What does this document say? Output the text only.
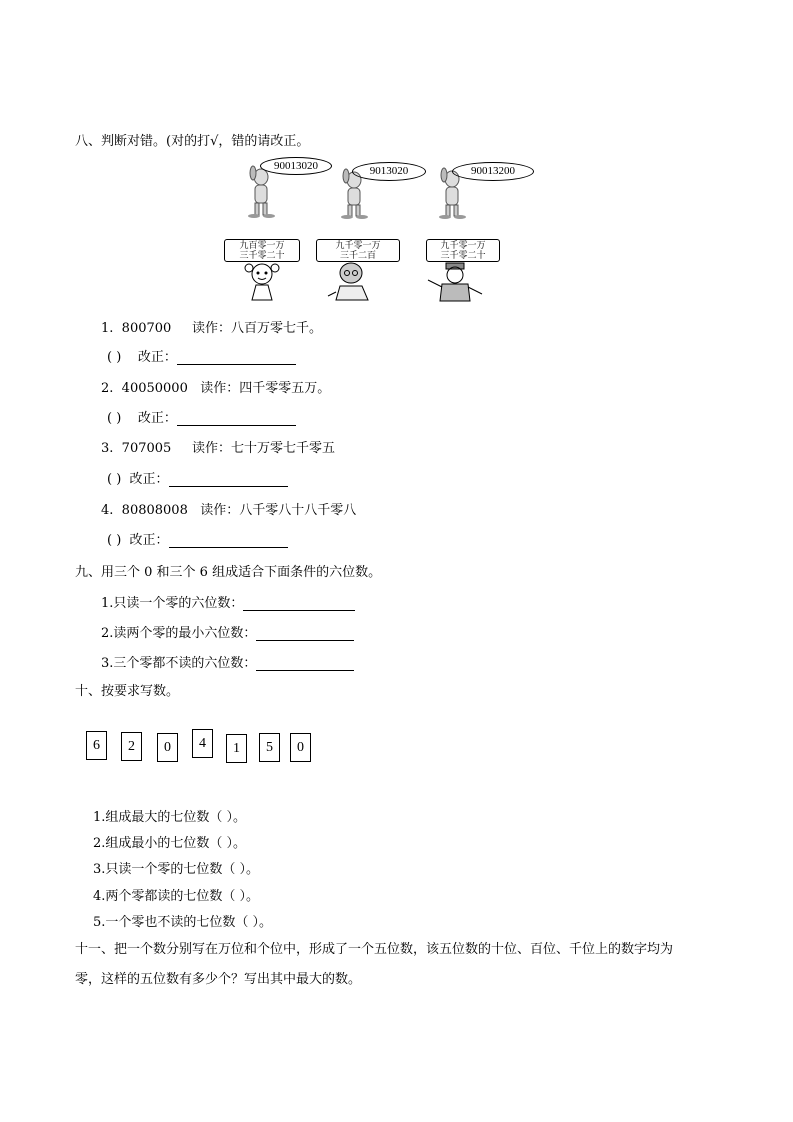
八、判断对错。(对的打√，错的请改正。
90013020	9013020	90013200
九百零一万
三千零二十
九千零一万
三千二百
九千零一万
三千零二十
1. 800700 读作：八百万零七千。
( ) 改正：
2. 40050000 读作：四千零零五万。
( ) 改正：
3. 707005 读作：七十万零七千零五
( ) 改正：
4. 80808008 读作：八千零八十八千零八
( ) 改正：
九、用三个 0 和三个 6 组成适合下面条件的六位数。
1.只读一个零的六位数：
2.读两个零的最小六位数：
3.三个零都不读的六位数：
十、按要求写数。
6	2	0	4	1	5	0
1.组成最大的七位数（ ）。
2.组成最小的七位数（ ）。
3.只读一个零的七位数（ ）。
4.两个零都读的七位数（ ）。
5.一个零也不读的七位数（ ）。
十一、把一个数分别写在万位和个位中，形成了一个五位数，该五位数的十位、百位、千位上的数字均为
零，这样的五位数有多少个？写出其中最大的数。
